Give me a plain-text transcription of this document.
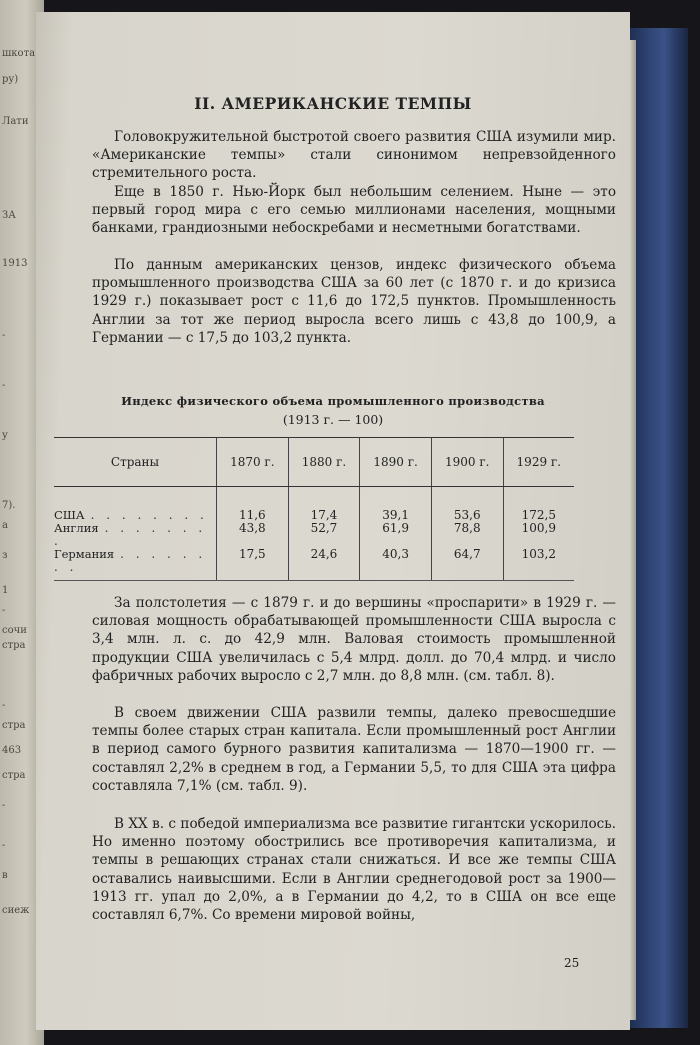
шкота
ру)
Лати
ЗА
1913
-
-
у
7).
а
з
1
-
сочи
стра
-
стра
463
стра
-
-
в
сиеж
II. АМЕРИКАНСКИЕ ТЕМПЫ

Головокружительной быстротой своего развития США изумили мир. «Американские темпы» стали синонимом непревзойденного стремительного роста.

Еще в 1850 г. Нью-Йорк был небольшим селением. Ныне — это первый город мира с его семью миллионами населения, мощными банками, грандиозными небоскребами и несметными богатствами.

По данным американских цензов, индекс физического объема промышленного производства США за 60 лет (с 1870 г. и до кризиса 1929 г.) показывает рост с 11,6 до 172,5 пунктов. Промышленность Англии за тот же период выросла всего лишь с 43,8 до 100,9, а Германии — с 17,5 до 103,2 пункта.

Индекс физического объема промышленного производства
(1913 г. — 100)
Страны	1870 г.	1880 г.	1890 г.	1900 г.	1929 г.

США . . . . . . . .	11,6	17,4	39,1	53,6	172,5
Англия . . . . . . . .	43,8	52,7	61,9	78,8	100,9
Германия . . . . . . . .	17,5	24,6	40,3	64,7	103,2

За полстолетия — с 1879 г. и до вершины «проспарити» в 1929 г. — силовая мощность обрабатывающей промышленности США выросла с 3,4 млн. л. с. до 42,9 млн. Валовая стоимость промышленной продукции США увеличилась с 5,4 млрд. долл. до 70,4 млрд. и число фабричных рабочих выросло с 2,7 млн. до 8,8 млн. (см. табл. 8).

В своем движении США развили темпы, далеко превосшедшие темпы более старых стран капитала. Если промышленный рост Англии в период самого бурного развития капитализма — 1870—1900 гг. — составлял 2,2% в среднем в год, а Германии 5,5, то для США эта цифра составляла 7,1% (см. табл. 9).

В XX в. с победой империализма все развитие гигантски ускорилось. Но именно поэтому обострились все противоречия капитализма, и темпы в решающих странах стали снижаться. И все же темпы США оставались наивысшими. Если в Англии среднегодовой рост за 1900—1913 гг. упал до 2,0%, а в Германии до 4,2, то в США он все еще составлял 6,7%. Со времени мировой войны,

25
